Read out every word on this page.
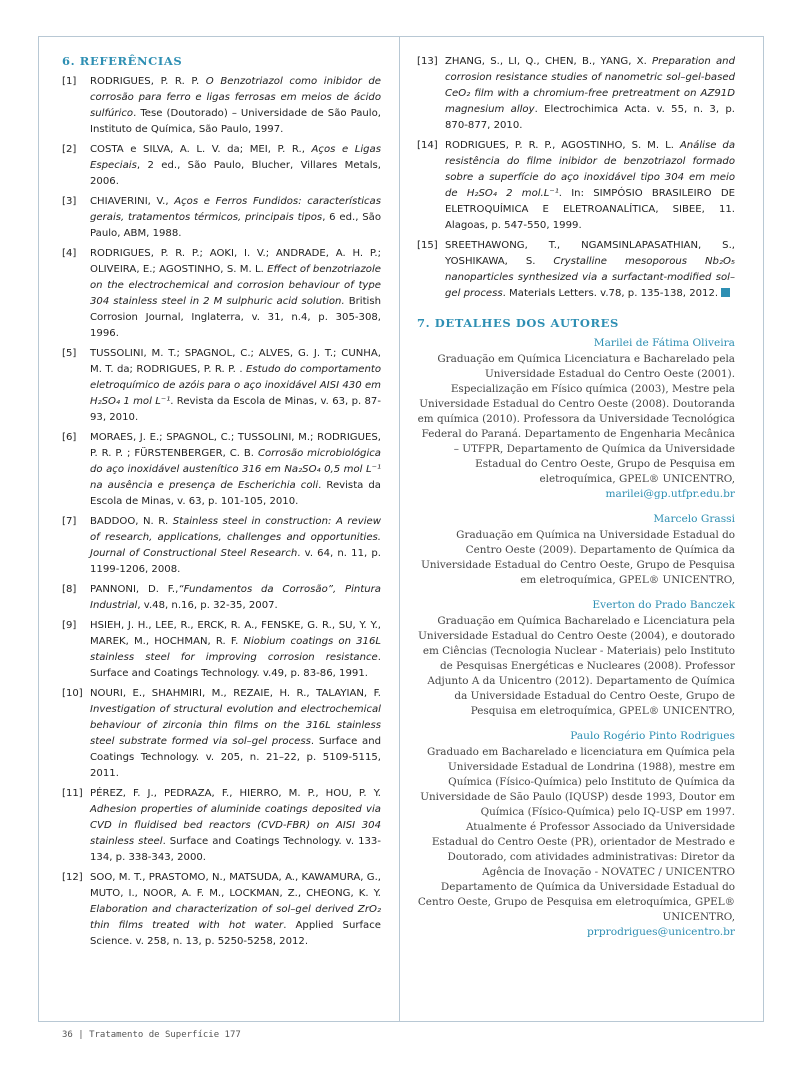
6. REFERÊNCIAS
[1]	RODRIGUES, P. R. P. O Benzotriazol como inibidor de corrosão para ferro e ligas ferrosas em meios de ácido sulfúrico. Tese (Doutorado) – Universidade de São Paulo, Instituto de Química, São Paulo, 1997.
[2]	COSTA e SILVA, A. L. V. da; MEI, P. R., Aços e Ligas Especiais, 2 ed., São Paulo, Blucher, Villares Metals, 2006.
[3]	CHIAVERINI, V., Aços e Ferros Fundidos: características gerais, tratamentos térmicos, principais tipos, 6 ed., São Paulo, ABM, 1988.
[4]	RODRIGUES, P. R. P.; AOKI, I. V.; ANDRADE, A. H. P.; OLIVEIRA, E.; AGOSTINHO, S. M. L. Effect of benzotriazole on the electrochemical and corrosion behaviour of type 304 stainless steel in 2 M sulphuric acid solution. British Corrosion Journal, Inglaterra, v. 31, n.4, p. 305-308, 1996.
[5]	TUSSOLINI, M. T.; SPAGNOL, C.; ALVES, G. J. T.; CUNHA, M. T. da; RODRIGUES, P. R. P. . Estudo do comportamento eletroquímico de azóis para o aço inoxidável AISI 430 em H₂SO₄ 1 mol L⁻¹. Revista da Escola de Minas, v. 63, p. 87-93, 2010.
[6]	MORAES, J. E.; SPAGNOL, C.; TUSSOLINI, M.; RODRIGUES, P. R. P. ; FÜRSTENBERGER, C. B. Corrosão microbiológica do aço inoxidável austenítico 316 em Na₂SO₄ 0,5 mol L⁻¹ na ausência e presença de Escherichia coli. Revista da Escola de Minas, v. 63, p. 101-105, 2010.
[7]	BADDOO, N. R. Stainless steel in construction: A review of research, applications, challenges and opportunities. Journal of Constructional Steel Research. v. 64, n. 11, p. 1199-1206, 2008.
[8]	PANNONI, D. F.,“Fundamentos da Corrosão”, Pintura Industrial, v.48, n.16, p. 32-35, 2007.
[9]	HSIEH, J. H., LEE, R., ERCK, R. A., FENSKE, G. R., SU, Y. Y., MAREK, M., HOCHMAN, R. F. Niobium coatings on 316L stainless steel for improving corrosion resistance. Surface and Coatings Technology. v.49, p. 83-86, 1991.
[10] NOURI, E., SHAHMIRI, M., REZAIE, H. R., TALAYIAN, F. Investigation of structural evolution and electrochemical behaviour of zirconia thin films on the 316L stainless steel substrate formed via sol–gel process. Surface and Coatings Technology. v. 205, n. 21–22, p. 5109-5115, 2011.
[11] PÉREZ, F. J., PEDRAZA, F., HIERRO, M. P., HOU, P. Y. Adhesion properties of aluminide coatings deposited via CVD in fluidised bed reactors (CVD-FBR) on AISI 304 stainless steel. Surface and Coatings Technology. v. 133-134, p. 338-343, 2000.
[12] SOO, M. T., PRASTOMO, N., MATSUDA, A., KAWAMURA, G., MUTO, I., NOOR, A. F. M., LOCKMAN, Z., CHEONG, K. Y. Elaboration and characterization of sol–gel derived ZrO₂ thin films treated with hot water. Applied Surface Science. v. 258, n. 13, p. 5250-5258, 2012.
[13] ZHANG, S., LI, Q., CHEN, B., YANG, X. Preparation and corrosion resistance studies of nanometric sol–gel-based CeO₂ film with a chromium-free pretreatment on AZ91D magnesium alloy. Electrochimica Acta. v. 55, n. 3, p. 870-877, 2010.
[14] RODRIGUES, P. R. P., AGOSTINHO, S. M. L. Análise da resistência do filme inibidor de benzotriazol formado sobre a superfície do aço inoxidável tipo 304 em meio de H₂SO₄ 2 mol.L⁻¹. In: SIMPÓSIO BRASILEIRO DE ELETROQUÍMICA E ELETROANALÍTICA, SIBEE, 11. Alagoas, p. 547-550, 1999.
[15] SREETHAWONG, T., NGAMSINLAPASATHIAN, S., YOSHIKAWA, S. Crystalline mesoporous Nb₂O₅ nanoparticles synthesized via a surfactant-modified sol–gel process. Materials Letters. v.78, p. 135-138, 2012.
7. DETALHES DOS AUTORES
Marilei de Fátima Oliveira

Graduação em Química Licenciatura e Bacharelado pela Universidade Estadual do Centro Oeste (2001). Especialização em Físico química (2003), Mestre pela Universidade Estadual do Centro Oeste (2008). Doutoranda em química (2010). Professora da Universidade Tecnológica Federal do Paraná. Departamento de Engenharia Mecânica – UTFPR, Departamento de Química da Universidade Estadual do Centro Oeste, Grupo de Pesquisa em eletroquímica, GPEL® UNICENTRO,

marilei@gp.utfpr.edu.br
Marcelo Grassi

Graduação em Química na Universidade Estadual do Centro Oeste (2009). Departamento de Química da Universidade Estadual do Centro Oeste, Grupo de Pesquisa em eletroquímica, GPEL® UNICENTRO,

Everton do Prado Banczek

Graduação em Química Bacharelado e Licenciatura pela Universidade Estadual do Centro Oeste (2004), e doutorado em Ciências (Tecnologia Nuclear - Materiais) pelo Instituto de Pesquisas Energéticas e Nucleares (2008). Professor Adjunto A da Unicentro (2012). Departamento de Química da Universidade Estadual do Centro Oeste, Grupo de Pesquisa em eletroquímica, GPEL® UNICENTRO,

Paulo Rogério Pinto Rodrigues

Graduado em Bacharelado e licenciatura em Química pela Universidade Estadual de Londrina (1988), mestre em Química (Físico-Química) pelo Instituto de Química da Universidade de São Paulo (IQUSP) desde 1993, Doutor em Química (Físico-Química) pelo IQ-USP em 1997. Atualmente é Professor Associado da Universidade Estadual do Centro Oeste (PR), orientador de Mestrado e Doutorado, com atividades administrativas: Diretor da Agência de Inovação - NOVATEC / UNICENTRO Departamento de Química da Universidade Estadual do Centro Oeste, Grupo de Pesquisa em eletroquímica, GPEL® UNICENTRO,

prprodrigues@unicentro.br
36 | Tratamento de Superfície 177
